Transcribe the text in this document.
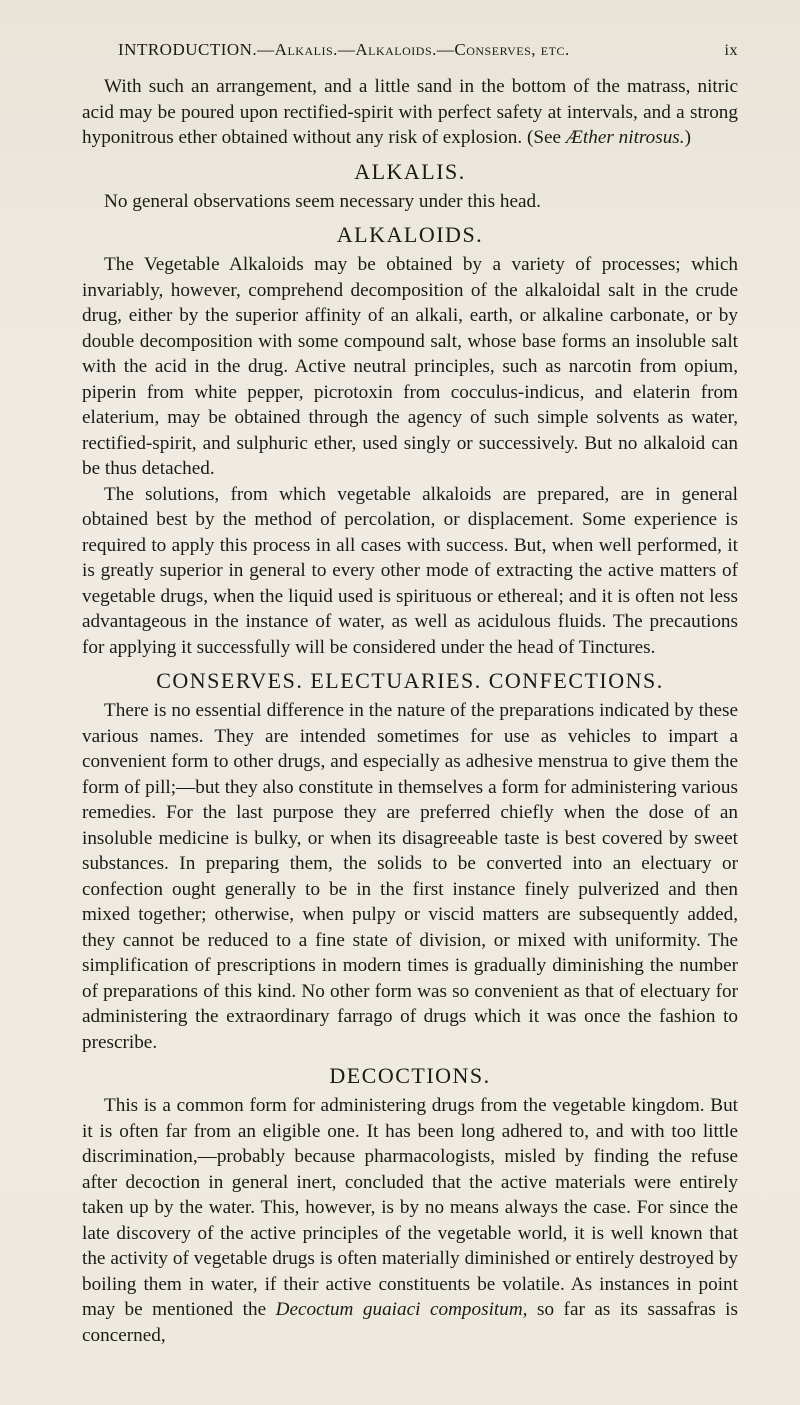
INTRODUCTION.—Alkalis.—Alkaloids.—Conserves, etc.	ix

With such an arrangement, and a little sand in the bottom of the matrass, nitric acid may be poured upon rectified-spirit with perfect safety at intervals, and a strong hyponitrous ether obtained without any risk of explosion. (See Æther nitrosus.)

ALKALIS.

No general observations seem necessary under this head.

ALKALOIDS.

The Vegetable Alkaloids may be obtained by a variety of processes; which invariably, however, comprehend decomposition of the alkaloidal salt in the crude drug, either by the superior affinity of an alkali, earth, or alkaline carbonate, or by double decomposition with some compound salt, whose base forms an insoluble salt with the acid in the drug. Active neutral principles, such as narcotin from opium, piperin from white pepper, picrotoxin from cocculus-indicus, and elaterin from elaterium, may be obtained through the agency of such simple solvents as water, rectified-spirit, and sulphuric ether, used singly or successively. But no alkaloid can be thus detached.

The solutions, from which vegetable alkaloids are prepared, are in general obtained best by the method of percolation, or displacement. Some experience is required to apply this process in all cases with success. But, when well performed, it is greatly superior in general to every other mode of extracting the active matters of vegetable drugs, when the liquid used is spirituous or ethereal; and it is often not less advantageous in the instance of water, as well as acidulous fluids. The precautions for applying it successfully will be considered under the head of Tinctures.

CONSERVES. ELECTUARIES. CONFECTIONS.

There is no essential difference in the nature of the preparations indicated by these various names. They are intended sometimes for use as vehicles to impart a convenient form to other drugs, and especially as adhesive menstrua to give them the form of pill;—but they also constitute in themselves a form for administering various remedies. For the last purpose they are preferred chiefly when the dose of an insoluble medicine is bulky, or when its disagreeable taste is best covered by sweet substances. In preparing them, the solids to be converted into an electuary or confection ought generally to be in the first instance finely pulverized and then mixed together; otherwise, when pulpy or viscid matters are subsequently added, they cannot be reduced to a fine state of division, or mixed with uniformity. The simplification of prescriptions in modern times is gradually diminishing the number of preparations of this kind. No other form was so convenient as that of electuary for administering the extraordinary farrago of drugs which it was once the fashion to prescribe.

DECOCTIONS.

This is a common form for administering drugs from the vegetable kingdom. But it is often far from an eligible one. It has been long adhered to, and with too little discrimination,—probably because pharmacologists, misled by finding the refuse after decoction in general inert, concluded that the active materials were entirely taken up by the water. This, however, is by no means always the case. For since the late discovery of the active principles of the vegetable world, it is well known that the activity of vegetable drugs is often materially diminished or entirely destroyed by boiling them in water, if their active constituents be volatile. As instances in point may be mentioned the Decoctum guaiaci compositum, so far as its sassafras is concerned,
